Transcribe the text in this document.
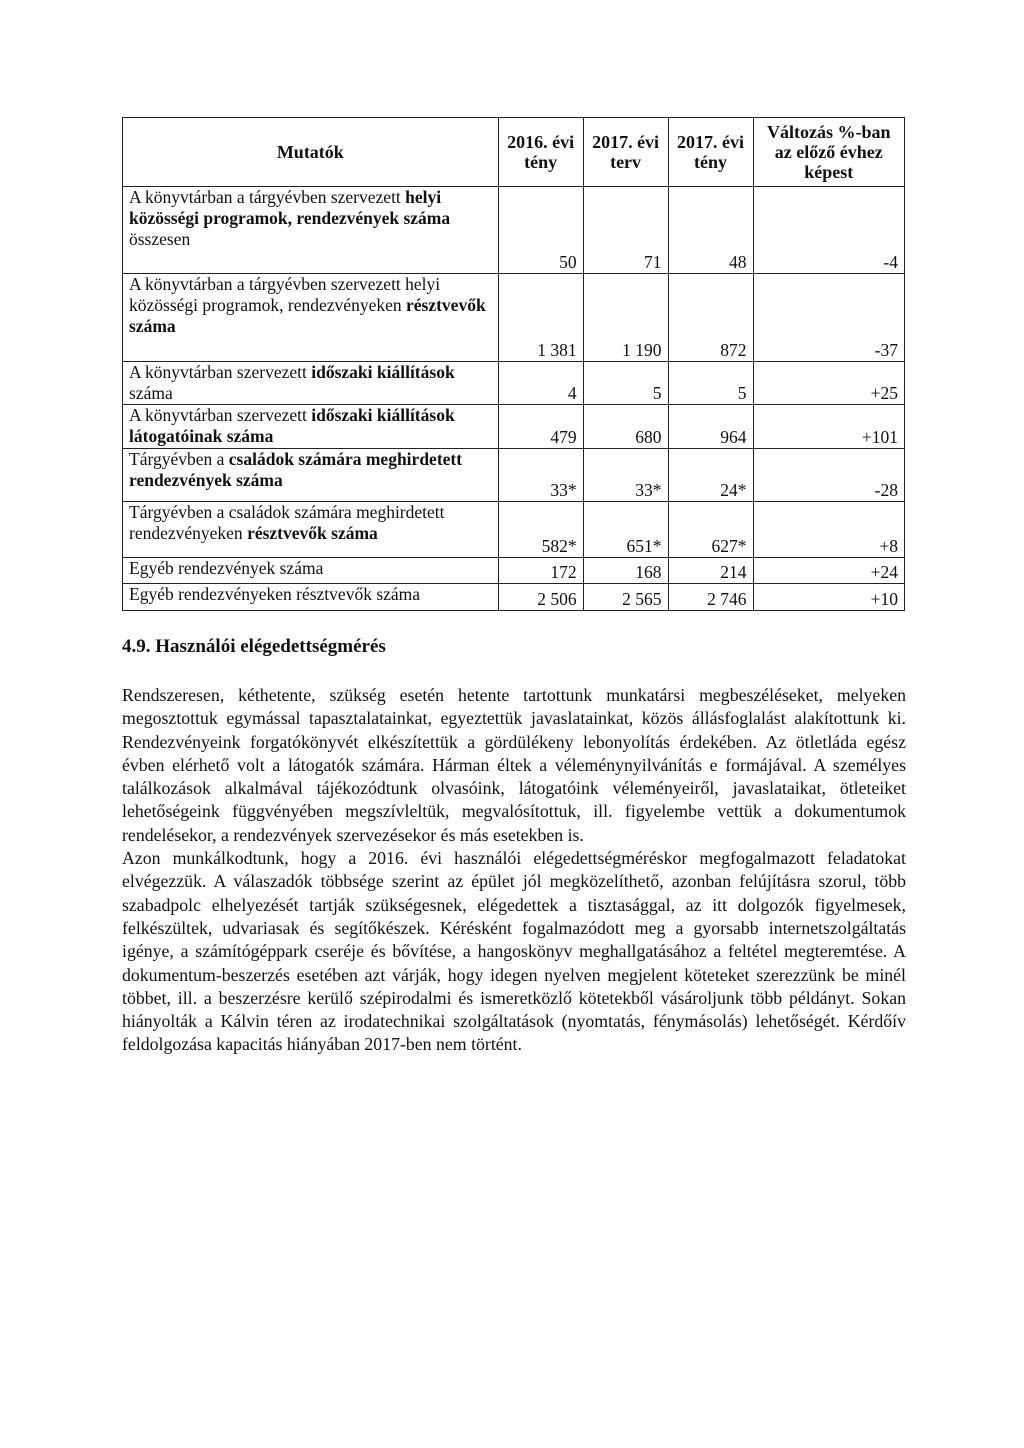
Mutatók	2016. évi tény	2017. évi terv	2017. évi tény	Változás %-ban az előző évhez képest
A könyvtárban a tárgyévben szervezett helyi közösségi programok, rendezvények száma összesen	50	71	48	-4
A könyvtárban a tárgyévben szervezett helyi közösségi programok, rendezvényeken résztvevők száma	1 381	1 190	872	-37
A könyvtárban szervezett időszaki kiállítások száma	4	5	5	+25
A könyvtárban szervezett időszaki kiállítások látogatóinak száma	479	680	964	+101
Tárgyévben a családok számára meghirdetett rendezvények száma	33*	33*	24*	-28
Tárgyévben a családok számára meghirdetett rendezvényeken résztvevők száma	582*	651*	627*	+8
Egyéb rendezvények száma	172	168	214	+24
Egyéb rendezvényeken résztvevők száma	2 506	2 565	2 746	+10
4.9. Használói elégedettségmérés

Rendszeresen, kéthetente, szükség esetén hetente tartottunk munkatársi megbeszéléseket, melyeken megosztottuk egymással tapasztalatainkat, egyeztettük javaslatainkat, közös állásfoglalást alakítottunk ki. Rendezvényeink forgatókönyvét elkészítettük a gördülékeny lebonyolítás érdekében. Az ötletláda egész évben elérhető volt a látogatók számára. Hárman éltek a véleménynyilvánítás e formájával. A személyes találkozások alkalmával tájékozódtunk olvasóink, látogatóink véleményeiről, javaslataikat, ötleteiket lehetőségeink függvényében megszívleltük, megvalósítottuk, ill. figyelembe vettük a dokumentumok rendelésekor, a rendezvények szervezésekor és más esetekben is.

Azon munkálkodtunk, hogy a 2016. évi használói elégedettségméréskor megfogalmazott feladatokat elvégezzük. A válaszadók többsége szerint az épület jól megközelíthető, azonban felújításra szorul, több szabadpolc elhelyezését tartják szükségesnek, elégedettek a tisztasággal, az itt dolgozók figyelmesek, felkészültek, udvariasak és segítőkészek. Kérésként fogalmazódott meg a gyorsabb internetszolgáltatás igénye, a számítógéppark cseréje és bővítése, a hangoskönyv meghallgatásához a feltétel megteremtése. A dokumentum-beszerzés esetében azt várják, hogy idegen nyelven megjelent köteteket szerezzünk be minél többet, ill. a beszerzésre kerülő szépirodalmi és ismeretközlő kötetekből vásároljunk több példányt. Sokan hiányolták a Kálvin téren az irodatechnikai szolgáltatások (nyomtatás, fénymásolás) lehetőségét. Kérdőív feldolgozása kapacitás hiányában 2017-ben nem történt.
